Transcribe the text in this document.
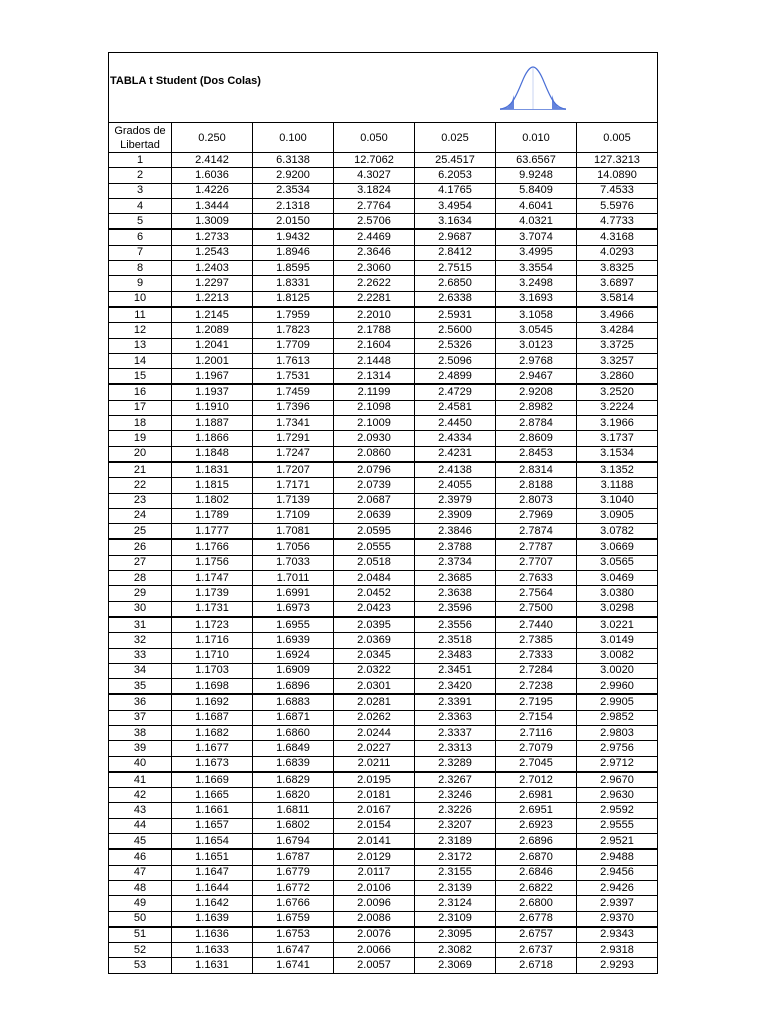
TABLA t Student (Dos Colas)
Grados de Libertad	0.250	0.100	0.050	0.025	0.010	0.005
1	2.4142	6.3138	12.7062	25.4517	63.6567	127.3213
2	1.6036	2.9200	4.3027	6.2053	9.9248	14.0890
3	1.4226	2.3534	3.1824	4.1765	5.8409	7.4533
4	1.3444	2.1318	2.7764	3.4954	4.6041	5.5976
5	1.3009	2.0150	2.5706	3.1634	4.0321	4.7733
6	1.2733	1.9432	2.4469	2.9687	3.7074	4.3168
7	1.2543	1.8946	2.3646	2.8412	3.4995	4.0293
8	1.2403	1.8595	2.3060	2.7515	3.3554	3.8325
9	1.2297	1.8331	2.2622	2.6850	3.2498	3.6897
10	1.2213	1.8125	2.2281	2.6338	3.1693	3.5814
11	1.2145	1.7959	2.2010	2.5931	3.1058	3.4966
12	1.2089	1.7823	2.1788	2.5600	3.0545	3.4284
13	1.2041	1.7709	2.1604	2.5326	3.0123	3.3725
14	1.2001	1.7613	2.1448	2.5096	2.9768	3.3257
15	1.1967	1.7531	2.1314	2.4899	2.9467	3.2860
16	1.1937	1.7459	2.1199	2.4729	2.9208	3.2520
17	1.1910	1.7396	2.1098	2.4581	2.8982	3.2224
18	1.1887	1.7341	2.1009	2.4450	2.8784	3.1966
19	1.1866	1.7291	2.0930	2.4334	2.8609	3.1737
20	1.1848	1.7247	2.0860	2.4231	2.8453	3.1534
21	1.1831	1.7207	2.0796	2.4138	2.8314	3.1352
22	1.1815	1.7171	2.0739	2.4055	2.8188	3.1188
23	1.1802	1.7139	2.0687	2.3979	2.8073	3.1040
24	1.1789	1.7109	2.0639	2.3909	2.7969	3.0905
25	1.1777	1.7081	2.0595	2.3846	2.7874	3.0782
26	1.1766	1.7056	2.0555	2.3788	2.7787	3.0669
27	1.1756	1.7033	2.0518	2.3734	2.7707	3.0565
28	1.1747	1.7011	2.0484	2.3685	2.7633	3.0469
29	1.1739	1.6991	2.0452	2.3638	2.7564	3.0380
30	1.1731	1.6973	2.0423	2.3596	2.7500	3.0298
31	1.1723	1.6955	2.0395	2.3556	2.7440	3.0221
32	1.1716	1.6939	2.0369	2.3518	2.7385	3.0149
33	1.1710	1.6924	2.0345	2.3483	2.7333	3.0082
34	1.1703	1.6909	2.0322	2.3451	2.7284	3.0020
35	1.1698	1.6896	2.0301	2.3420	2.7238	2.9960
36	1.1692	1.6883	2.0281	2.3391	2.7195	2.9905
37	1.1687	1.6871	2.0262	2.3363	2.7154	2.9852
38	1.1682	1.6860	2.0244	2.3337	2.7116	2.9803
39	1.1677	1.6849	2.0227	2.3313	2.7079	2.9756
40	1.1673	1.6839	2.0211	2.3289	2.7045	2.9712
41	1.1669	1.6829	2.0195	2.3267	2.7012	2.9670
42	1.1665	1.6820	2.0181	2.3246	2.6981	2.9630
43	1.1661	1.6811	2.0167	2.3226	2.6951	2.9592
44	1.1657	1.6802	2.0154	2.3207	2.6923	2.9555
45	1.1654	1.6794	2.0141	2.3189	2.6896	2.9521
46	1.1651	1.6787	2.0129	2.3172	2.6870	2.9488
47	1.1647	1.6779	2.0117	2.3155	2.6846	2.9456
48	1.1644	1.6772	2.0106	2.3139	2.6822	2.9426
49	1.1642	1.6766	2.0096	2.3124	2.6800	2.9397
50	1.1639	1.6759	2.0086	2.3109	2.6778	2.9370
51	1.1636	1.6753	2.0076	2.3095	2.6757	2.9343
52	1.1633	1.6747	2.0066	2.3082	2.6737	2.9318
53	1.1631	1.6741	2.0057	2.3069	2.6718	2.9293
